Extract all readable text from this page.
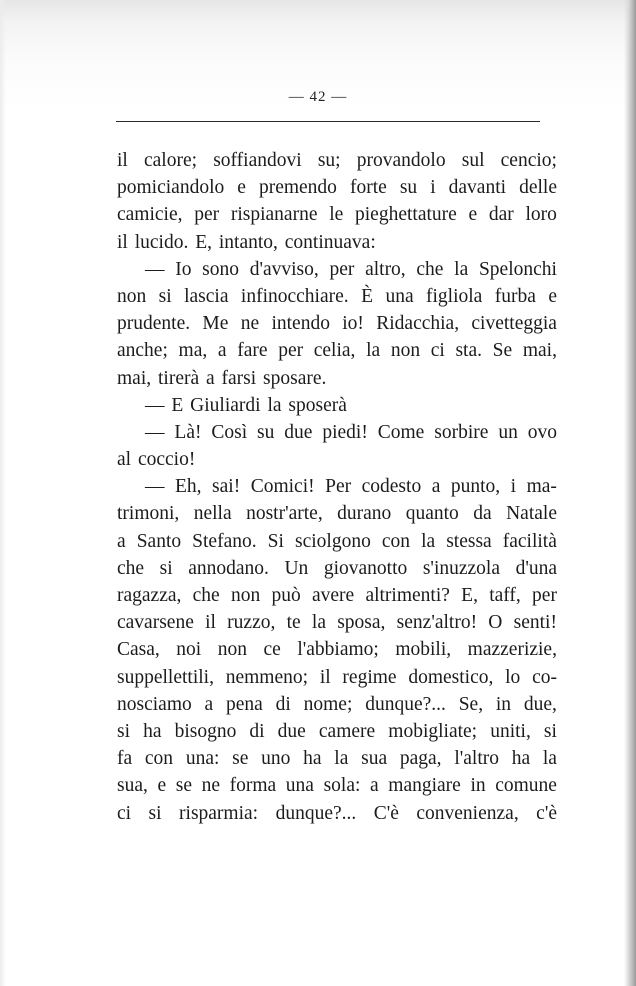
— 42 —
il calore; soffiandovi su; provandolo sul cencio;
pomiciandolo e premendo forte su i davanti delle
camicie, per rispianarne le pieghettature e dar loro
il lucido. E, intanto, continuava:
— Io sono d'avviso, per altro, che la Spelonchi
non si lascia infinocchiare. È una figliola furba e
prudente. Me ne intendo io! Ridacchia, civetteggia
anche; ma, a fare per celia, la non ci sta. Se mai,
mai, tirerà a farsi sposare.
— E Giuliardi la sposerà
— Là! Così su due piedi! Come sorbire un ovo
al coccio!
— Eh, sai! Comici! Per codesto a punto, i ma-
trimoni, nella nostr'arte, durano quanto da Natale
a Santo Stefano. Si sciolgono con la stessa facilità
che si annodano. Un giovanotto s'inuzzola d'una
ragazza, che non può avere altrimenti? E, taff, per
cavarsene il ruzzo, te la sposa, senz'altro! O senti!
Casa, noi non ce l'abbiamo; mobili, mazzerizie,
suppellettili, nemmeno; il regime domestico, lo co-
nosciamo a pena di nome; dunque?... Se, in due,
si ha bisogno di due camere mobigliate; uniti, si
fa con una: se uno ha la sua paga, l'altro ha la
sua, e se ne forma una sola: a mangiare in comune
ci si risparmia: dunque?... C'è convenienza, c'è
